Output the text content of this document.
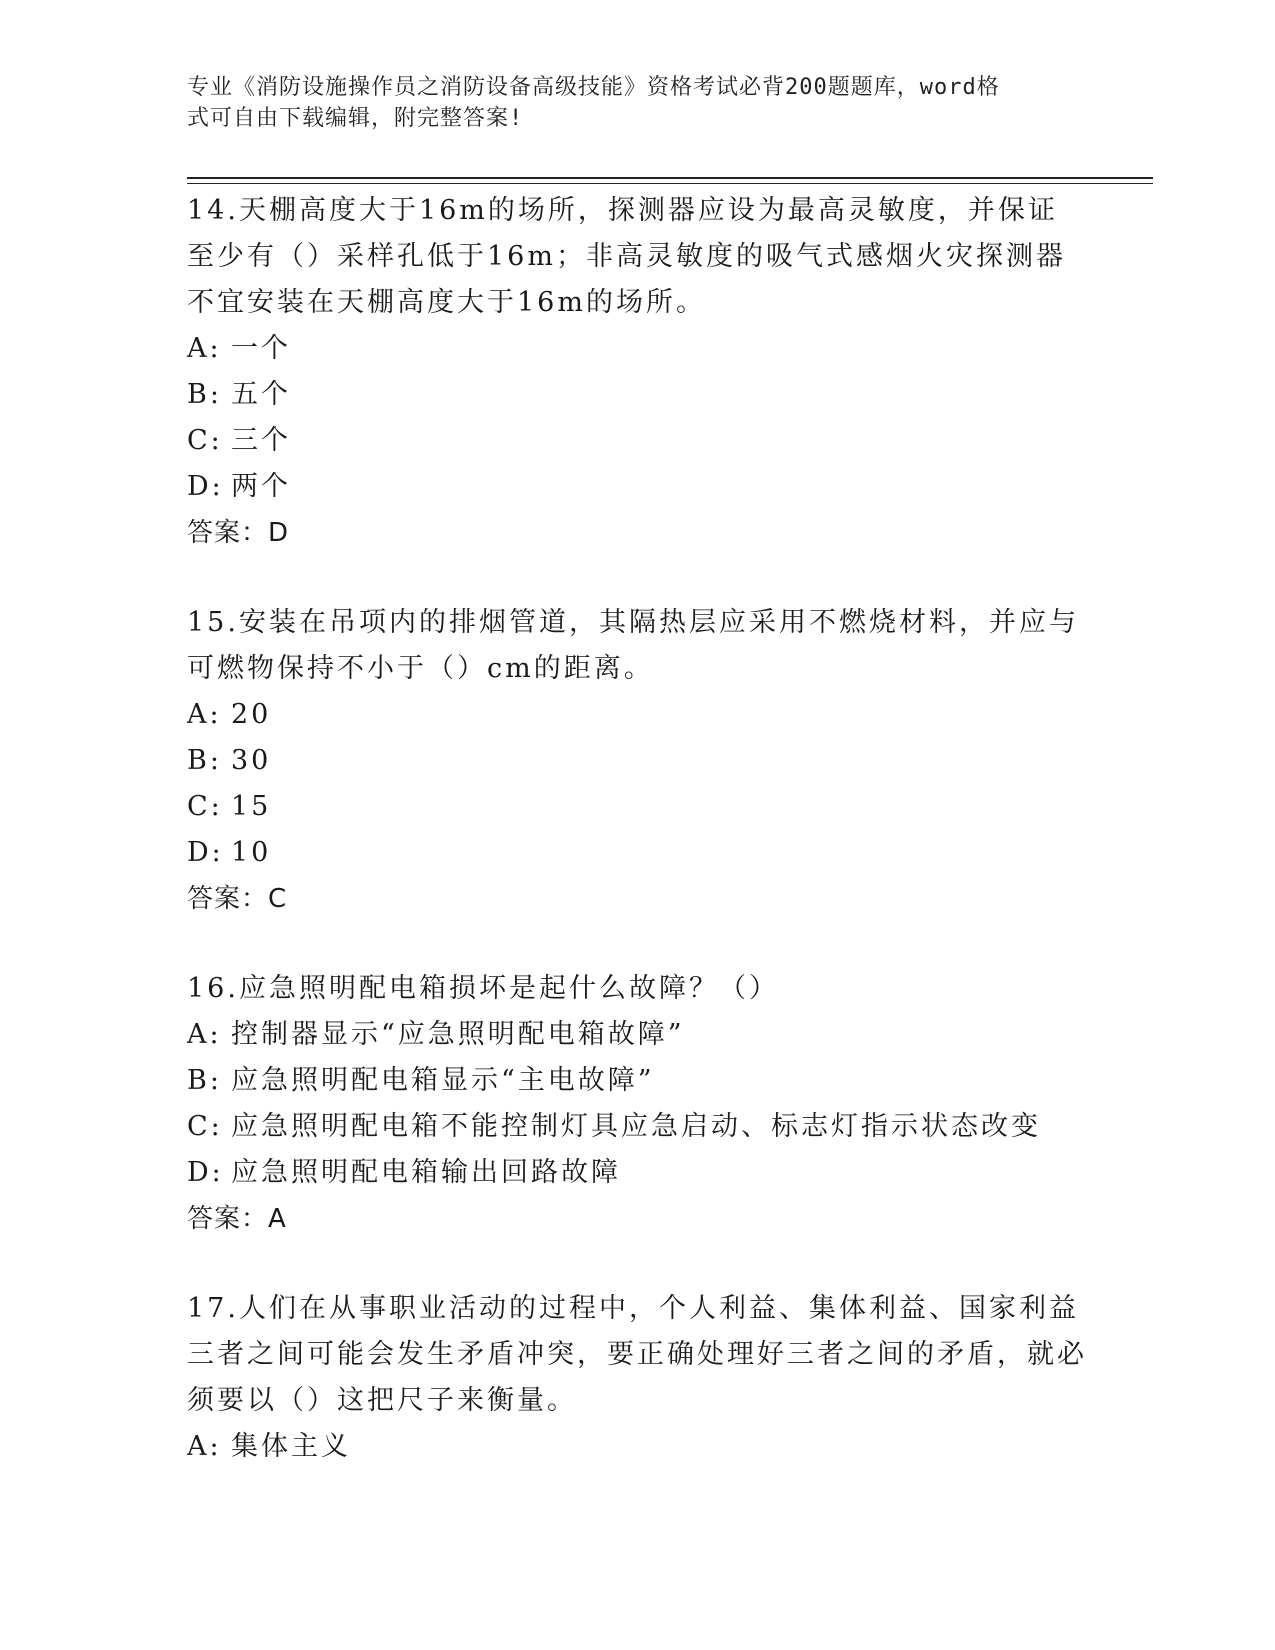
专业《消防设施操作员之消防设备高级技能》资格考试必背200题题库，word格
式可自由下载编辑，附完整答案!
14.天棚高度大于16m的场所，探测器应设为最高灵敏度，并保证至少有（）采样孔低于16m；非高灵敏度的吸气式感烟火灾探测器不宜安装在天棚高度大于16m的场所。
A: 一个
B: 五个
C: 三个
D: 两个
答案：D
15.安装在吊项内的排烟管道，其隔热层应采用不燃烧材料，并应与可燃物保持不小于（）cm的距离。
A: 20
B: 30
C: 15
D: 10
答案：C
16.应急照明配电箱损坏是起什么故障？（）
A: 控制器显示“应急照明配电箱故障”
B: 应急照明配电箱显示“主电故障”
C: 应急照明配电箱不能控制灯具应急启动、标志灯指示状态改变
D: 应急照明配电箱输出回路故障
答案：A
17.人们在从事职业活动的过程中，个人利益、集体利益、国家利益三者之间可能会发生矛盾冲突，要正确处理好三者之间的矛盾，就必须要以（）这把尺子来衡量。
A: 集体主义
